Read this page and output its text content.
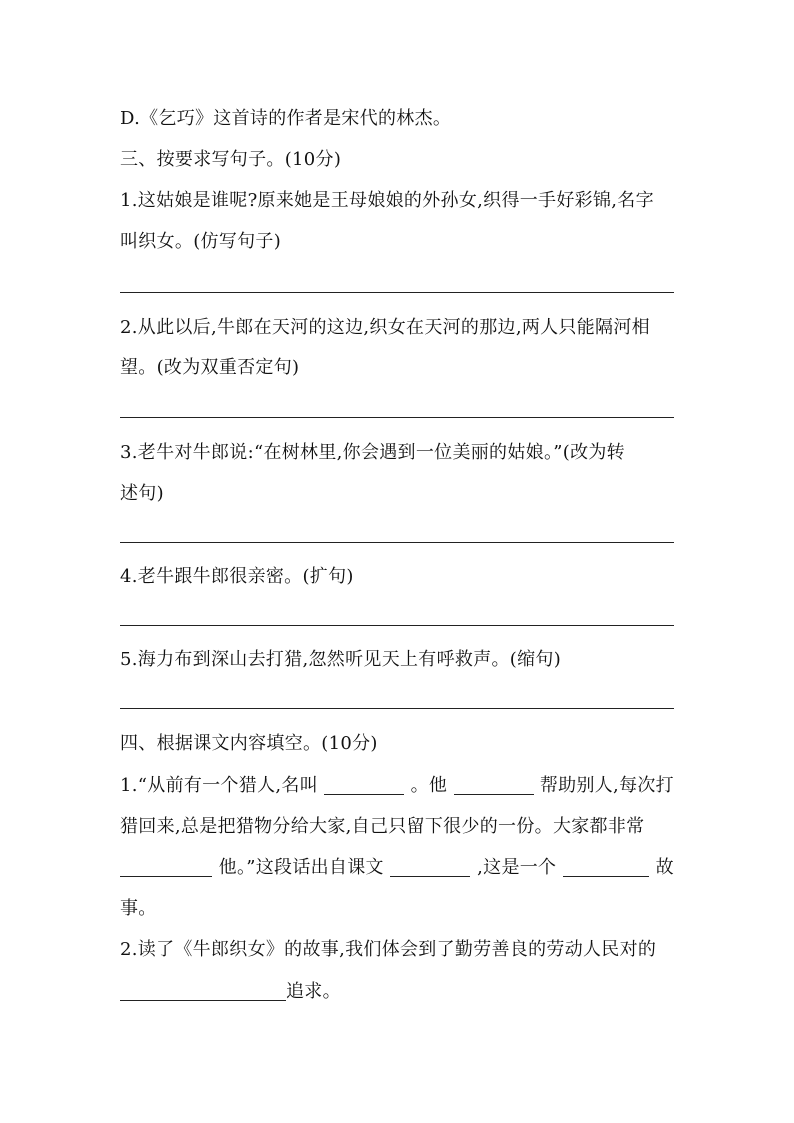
D.《乞巧》这首诗的作者是宋代的林杰。
三、按要求写句子。(10分)
1.这姑娘是谁呢?原来她是王母娘娘的外孙女,织得一手好彩锦,名字
叫织女。(仿写句子)
2.从此以后,牛郎在天河的这边,织女在天河的那边,两人只能隔河相
望。(改为双重否定句)
3.老牛对牛郎说:“在树林里,你会遇到一位美丽的姑娘。”(改为转
述句)
4.老牛跟牛郎很亲密。(扩句)
5.海力布到深山去打猎,忽然听见天上有呼救声。(缩句)
四、根据课文内容填空。(10分)
1.“从前有一个猎人,名叫	。他	帮助别人,每次打
猎回来,总是把猎物分给大家,自己只留下很少的一份。大家都非常
他。”这段话出自课文	,这是一个	故
事。
2.读了《牛郎织女》的故事,我们体会到了勤劳善良的劳动人民对的
追求。
